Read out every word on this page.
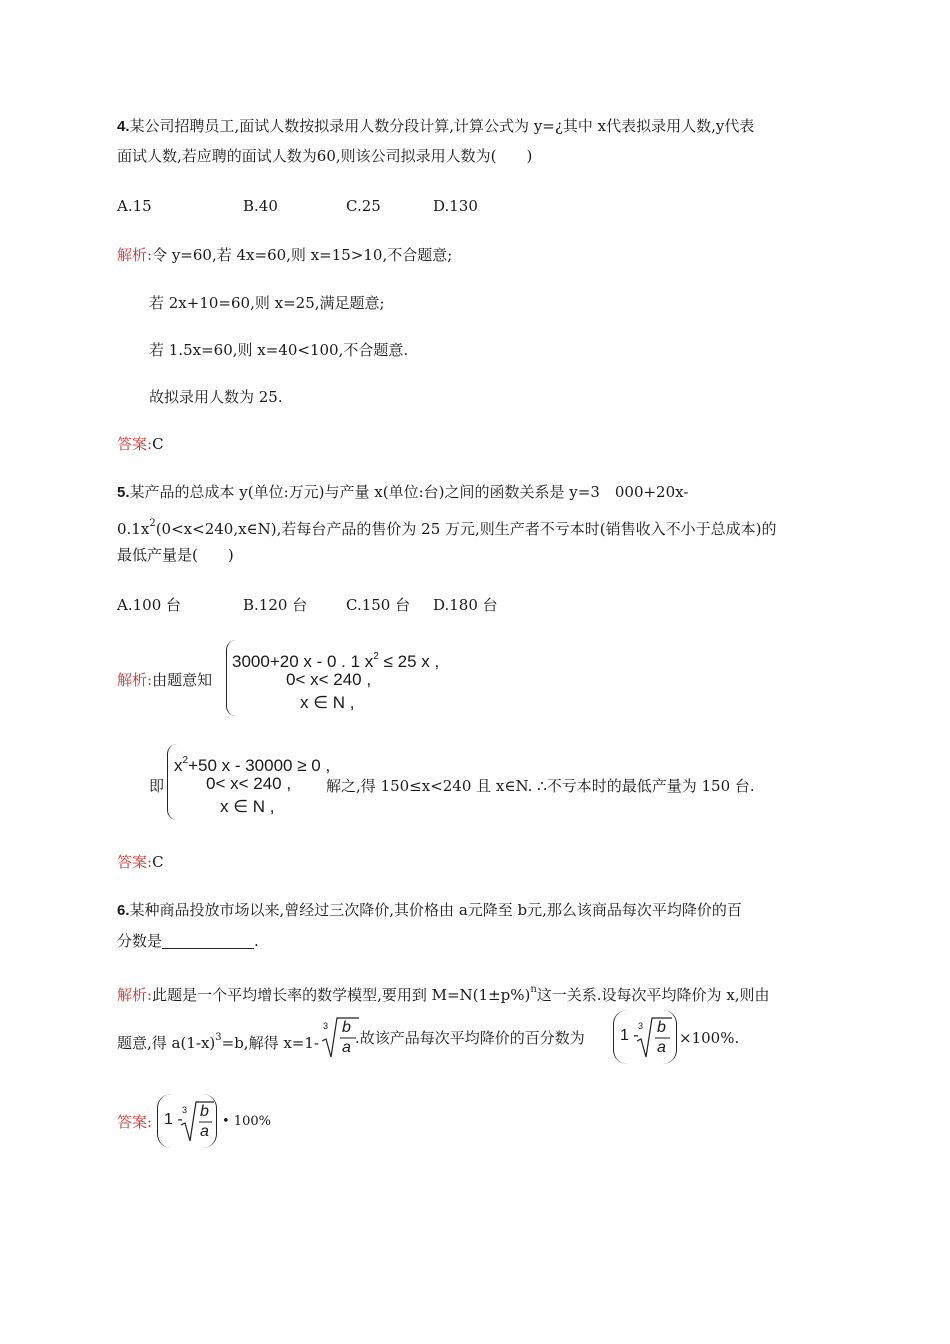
4.某公司招聘员工,面试人数按拟录用人数分段计算,计算公式为 y=¿其中 x代表拟录用人数,y代表
面试人数,若应聘的面试人数为60,则该公司拟录用人数为(　　)
A.15	B.40	C.25	D.130
解析:令 y=60,若 4x=60,则 x=15>10,不合题意;
若 2x+10=60,则 x=25,满足题意;
若 1.5x=60,则 x=40<100,不合题意.
故拟录用人数为 25.
答案:C
5.某产品的总成本 y(单位:万元)与产量 x(单位:台)之间的函数关系是 y=3　000+20x-
$0.1x^2(0<x<240,x\in N)$,若每台产品的售价为 25 万元,则生产者不亏本时(销售收入不小于总成本)的
最低产量是(　　)
A.100 台	B.120 台	C.150 台 D.180 台
解析:由题意知
3000+20 x - 0 . 1 $x^2 \le 25$ x ,
0< x< 240 ,
x ∈ N ,
即
$x^2+50$ x - 30000 ≥ 0 ,
0< x< 240 ,
x ∈ N ,
解之,得 150≤x<240 且 x∈N. ∴不亏本时的最低产量为 150 台.
答案:C
6.某种商品投放市场以来,曾经过三次降价,其价格由 a元降至 b元,那么该商品每次平均降价的百
分数是	.
解析:此题是一个平均增长率的数学模型,要用到 $M=N(1\pm p\%)^n$这一关系.设每次平均降价为 x,则由
题意,得 $a(1-x)^3=b$,解得 x=1-
3 b
a
.故该产品每次平均降价的百分数为 1 -
3 b
a
×100%.
答案: 1 -
3 b
a
• 100%
